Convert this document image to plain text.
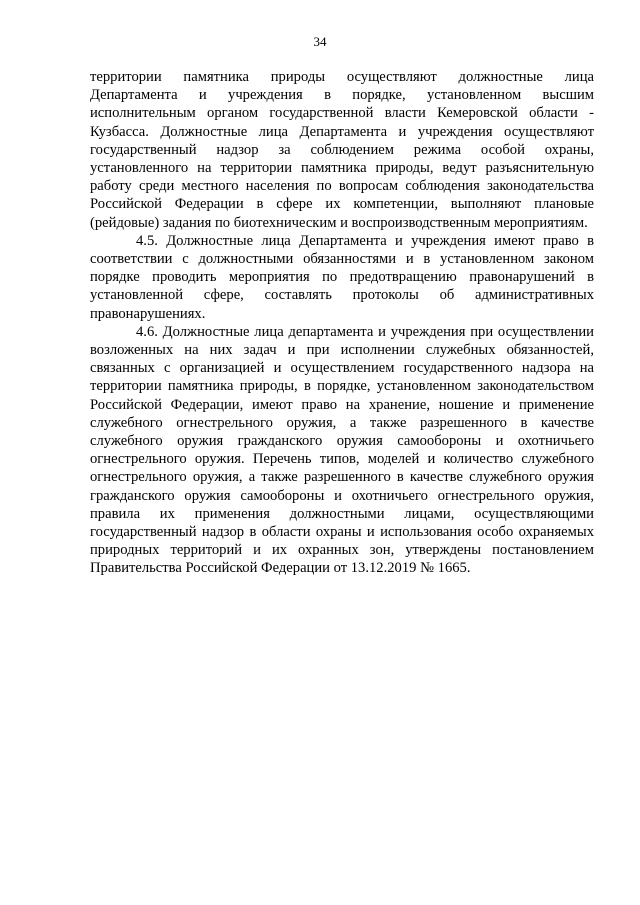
34

территории памятника природы осуществляют должностные лица Департамента и учреждения в порядке, установленном высшим исполнительным органом государственной власти Кемеровской области - Кузбасса. Должностные лица Департамента и учреждения осуществляют государственный надзор за соблюдением режима особой охраны, установленного на территории памятника природы, ведут разъяснительную работу среди местного населения по вопросам соблюдения законодательства Российской Федерации в сфере их компетенции, выполняют плановые (рейдовые) задания по биотехническим и воспроизводственным мероприятиям.

4.5. Должностные лица Департамента и учреждения имеют право в соответствии с должностными обязанностями и в установленном законом порядке проводить мероприятия по предотвращению правонарушений в установленной сфере, составлять протоколы об административных правонарушениях.

4.6. Должностные лица департамента и учреждения при осуществлении возложенных на них задач и при исполнении служебных обязанностей, связанных с организацией и осуществлением государственного надзора на территории памятника природы, в порядке, установленном законодательством Российской Федерации, имеют право на хранение, ношение и применение служебного огнестрельного оружия, а также разрешенного в качестве служебного оружия гражданского оружия самообороны и охотничьего огнестрельного оружия. Перечень типов, моделей и количество служебного огнестрельного оружия, а также разрешенного в качестве служебного оружия гражданского оружия самообороны и охотничьего огнестрельного оружия, правила их применения должностными лицами, осуществляющими государственный надзор в области охраны и использования особо охраняемых природных территорий и их охранных зон, утверждены постановлением Правительства Российской Федерации от 13.12.2019 № 1665.
